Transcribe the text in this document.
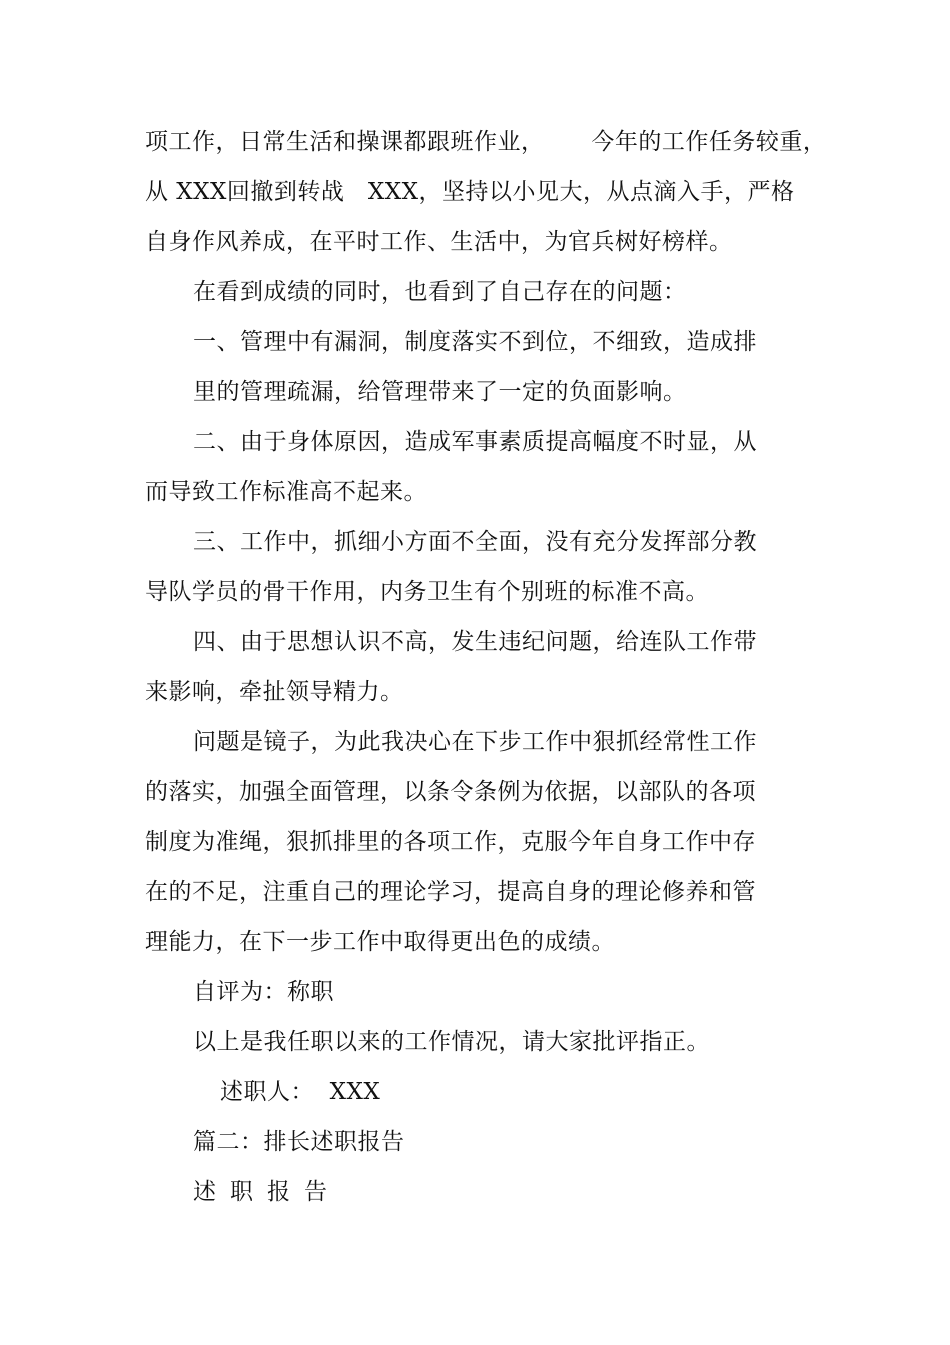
项工作，日常生活和操课都跟班作业，      今年的工作任务较重，
从 XXX回撤到转战   XXX，坚持以小见大，从点滴入手，严格
自身作风养成，在平时工作、生活中，为官兵树好榜样。
在看到成绩的同时，也看到了自己存在的问题：
一、管理中有漏洞，制度落实不到位，不细致，造成排
里的管理疏漏，给管理带来了一定的负面影响。
二、由于身体原因，造成军事素质提高幅度不时显，从
而导致工作标准高不起来。
三、工作中，抓细小方面不全面，没有充分发挥部分教
导队学员的骨干作用，内务卫生有个别班的标准不高。
四、由于思想认识不高，发生违纪问题，给连队工作带
来影响，牵扯领导精力。
问题是镜子，为此我决心在下步工作中狠抓经常性工作
的落实，加强全面管理，以条令条例为依据，以部队的各项
制度为准绳，狠抓排里的各项工作，克服今年自身工作中存
在的不足，注重自己的理论学习，提高自身的理论修养和管
理能力，在下一步工作中取得更出色的成绩。
自评为：称职
以上是我任职以来的工作情况，请大家批评指正。
述职人：  XXX
篇二：排长述职报告
述职报告
